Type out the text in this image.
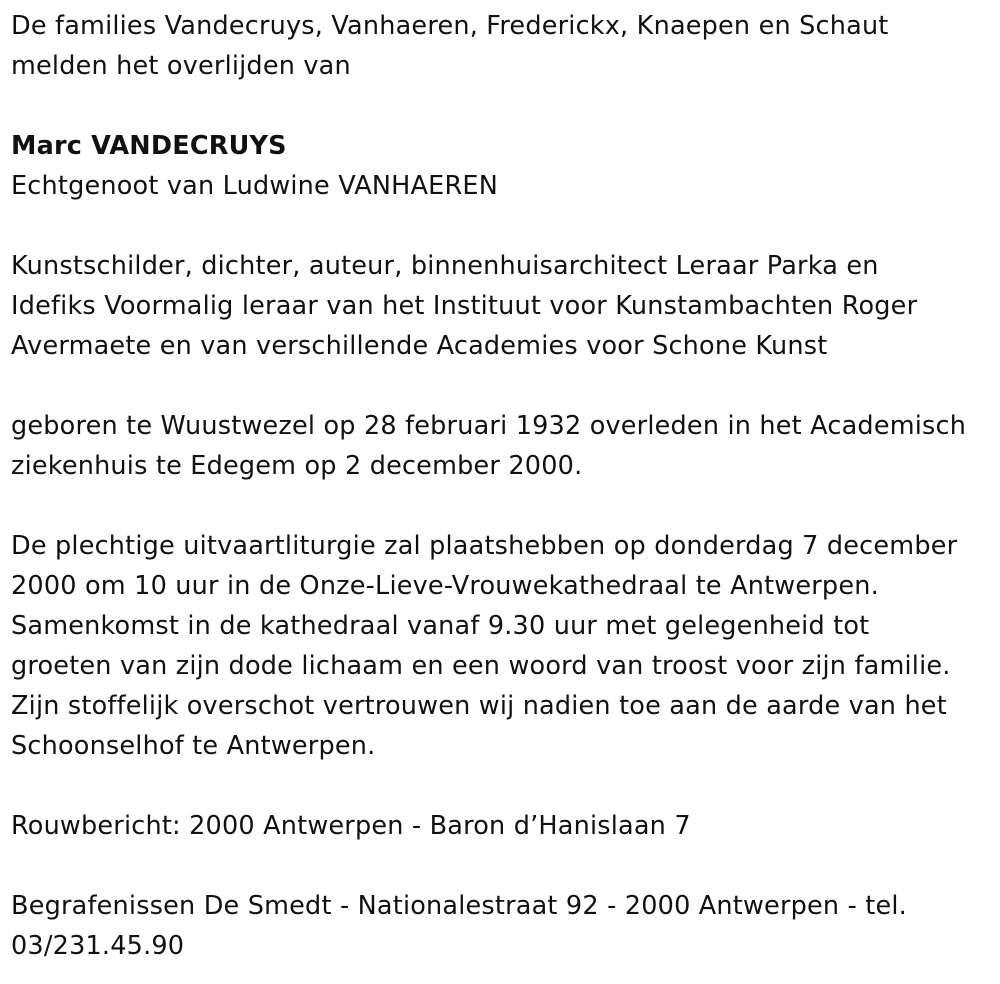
De families Vandecruys, Vanhaeren, Frederickx, Knaepen en Schaut

melden het overlijden van

Marc VANDECRUYS

Echtgenoot van Ludwine VANHAEREN

Kunstschilder, dichter, auteur, binnenhuisarchitect Leraar Parka en

Idefiks Voormalig leraar van het Instituut voor Kunstambachten Roger

Avermaete en van verschillende Academies voor Schone Kunst

geboren te Wuustwezel op 28 februari 1932 overleden in het Academisch

ziekenhuis te Edegem op 2 december 2000.

De plechtige uitvaartliturgie zal plaatshebben op donderdag 7 december

2000 om 10 uur in de Onze-Lieve-Vrouwekathedraal te Antwerpen.

Samenkomst in de kathedraal vanaf 9.30 uur met gelegenheid tot

groeten van zijn dode lichaam en een woord van troost voor zijn familie.

Zijn stoffelijk overschot vertrouwen wij nadien toe aan de aarde van het

Schoonselhof te Antwerpen.

Rouwbericht: 2000 Antwerpen - Baron d’Hanislaan 7

Begrafenissen De Smedt - Nationalestraat 92 - 2000 Antwerpen - tel.

03/231.45.90
